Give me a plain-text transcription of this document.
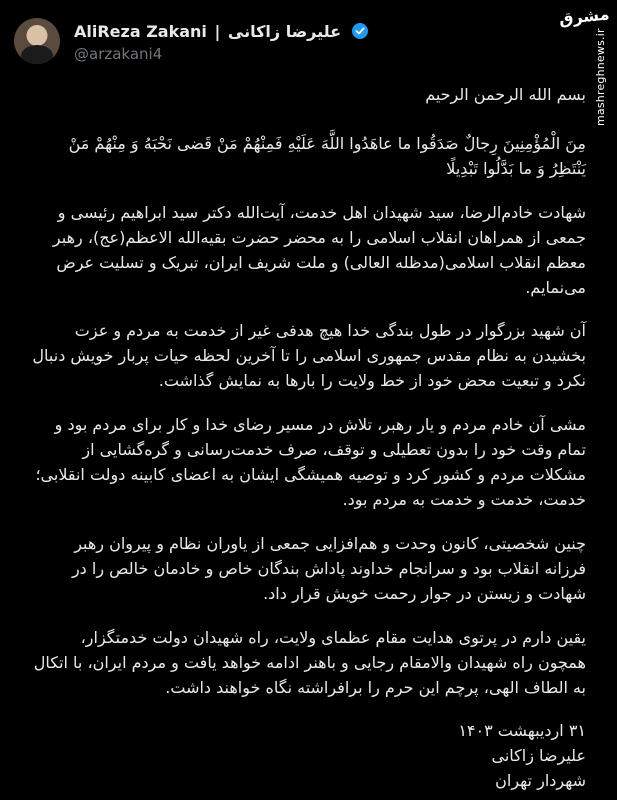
AliReza Zakani | علیرضا زاکانی
@arzakani4
مشرق
mashreghnews.ir

بسم الله الرحمن الرحيم

مِنَ الْمُؤْمِنِينَ رِجالٌ صَدَقُوا ما عاهَدُوا اللَّهَ عَلَيْهِ فَمِنْهُمْ مَنْ قَضى نَحْبَهُ وَ مِنْهُمْ مَنْ يَنْتَظِرُ وَ ما بَدَّلُوا تَبْدِيلًا

شهادت خادم‌الرضا، سید شهیدان اهل خدمت، آیت‌الله دکتر سید ابراهیم رئیسی و جمعی از همراهان انقلاب اسلامی را به محضر حضرت بقیه‌الله الاعظم(عج)، رهبر معظم انقلاب اسلامی(مدظله العالی) و ملت شریف ایران، تبریک و تسلیت عرض می‌نمایم.

آن شهید بزرگوار در طول بندگی خدا هیچ هدفی غیر از خدمت به مردم و عزت بخشیدن به نظام مقدس جمهوری اسلامی را تا آخرین لحظه حیات پربار خویش دنبال نکرد و تبعیت محض خود از خط ولایت را بارها به نمایش گذاشت.

مشی آن خادم مردم و یار رهبر، تلاش در مسیر رضای خدا و کار برای مردم بود و تمام وقت خود را بدون تعطیلی و توقف، صرف خدمت‌رسانی و گره‌گشایی از مشکلات مردم و کشور کرد و توصیه همیشگی ایشان به اعضای کابینه دولت انقلابی؛ خدمت، خدمت و خدمت به مردم بود.

چنین شخصیتی، کانون وحدت و هم‌افزایی جمعی از یاوران نظام و پیروان رهبر فرزانه انقلاب بود و سرانجام خداوند پاداش بندگان خاص و خادمان خالص را در شهادت و زیستن در جوار رحمت خویش قرار داد.

یقین دارم در پرتوی هدایت مقام عظمای ولایت، راه شهیدان دولت خدمتگزار، همچون راه شهیدان والامقام رجایی و باهنر ادامه خواهد یافت و مردم ایران، با اتکال به الطاف الهی، پرچم این حرم را برافراشته نگاه خواهند داشت.

۳۱ اردیبهشت ۱۴۰۳
علیرضا زاکانی
شهردار تهران
